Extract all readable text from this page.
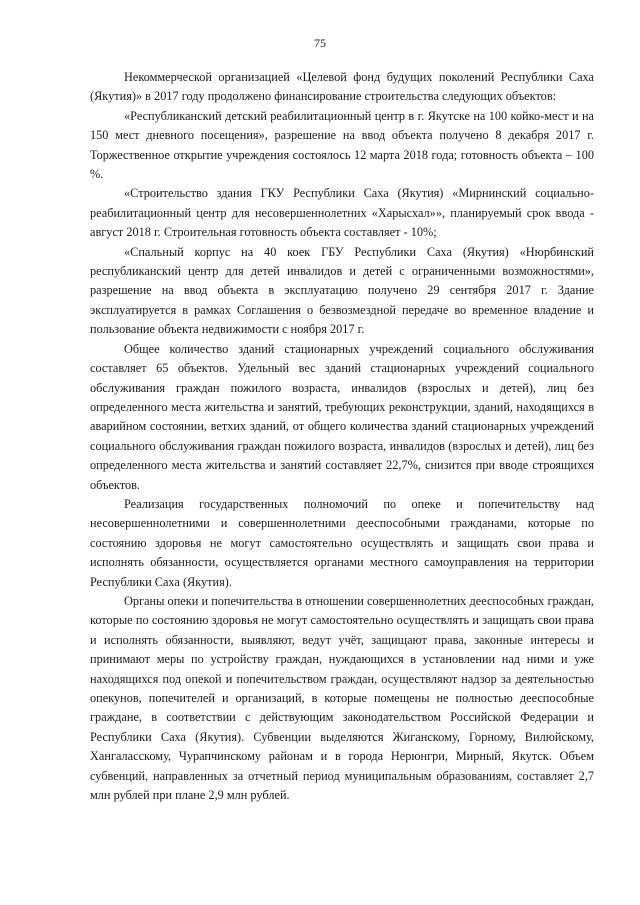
75

Некоммерческой организацией «Целевой фонд будущих поколений Республики Саха (Якутия)» в 2017 году продолжено финансирование строительства следующих объектов:

«Республиканский детский реабилитационный центр в г. Якутске на 100 койко-мест и на 150 мест дневного посещения», разрешение на ввод объекта получено 8 декабря 2017 г. Торжественное открытие учреждения состоялось 12 марта 2018 года; готовность объекта – 100 %.

«Строительство здания ГКУ Республики Саха (Якутия) «Мирнинский социально-реабилитационный центр для несовершеннолетних «Харысхал»», планируемый срок ввода - август 2018 г. Строительная готовность объекта составляет - 10%;

«Спальный корпус на 40 коек ГБУ Республики Саха (Якутия) «Нюрбинский республиканский центр для детей инвалидов и детей с ограниченными возможностями», разрешение на ввод объекта в эксплуатацию получено 29 сентября 2017 г. Здание эксплуатируется в рамках Соглашения о безвозмездной передаче во временное владение и пользование объекта недвижимости с ноября 2017 г.

Общее количество зданий стационарных учреждений социального обслуживания составляет 65 объектов. Удельный вес зданий стационарных учреждений социального обслуживания граждан пожилого возраста, инвалидов (взрослых и детей), лиц без определенного места жительства и занятий, требующих реконструкции, зданий, находящихся в аварийном состоянии, ветхих зданий, от общего количества зданий стационарных учреждений социального обслуживания граждан пожилого возраста, инвалидов (взрослых и детей), лиц без определенного места жительства и занятий составляет 22,7%, снизится при вводе строящихся объектов.

Реализация государственных полномочий по опеке и попечительству над несовершеннолетними и совершеннолетними дееспособными гражданами, которые по состоянию здоровья не могут самостоятельно осуществлять и защищать свои права и исполнять обязанности, осуществляется органами местного самоуправления на территории Республики Саха (Якутия).

Органы опеки и попечительства в отношении совершеннолетних дееспособных граждан, которые по состоянию здоровья не могут самостоятельно осуществлять и защищать свои права и исполнять обязанности, выявляют, ведут учёт, защищают права, законные интересы и принимают меры по устройству граждан, нуждающихся в установлении над ними и уже находящихся под опекой и попечительством граждан, осуществляют надзор за деятельностью опекунов, попечителей и организаций, в которые помещены не полностью дееспособные граждане, в соответствии с действующим законодательством Российской Федерации и Республики Саха (Якутия). Субвенции выделяются Жиганскому, Горному, Вилюйскому, Хангаласскому, Чурапчинскому районам и в города Нерюнгри, Мирный, Якутск. Объем субвенций, направленных за отчетный период муниципальным образованиям, составляет 2,7 млн рублей при плане 2,9 млн рублей.
